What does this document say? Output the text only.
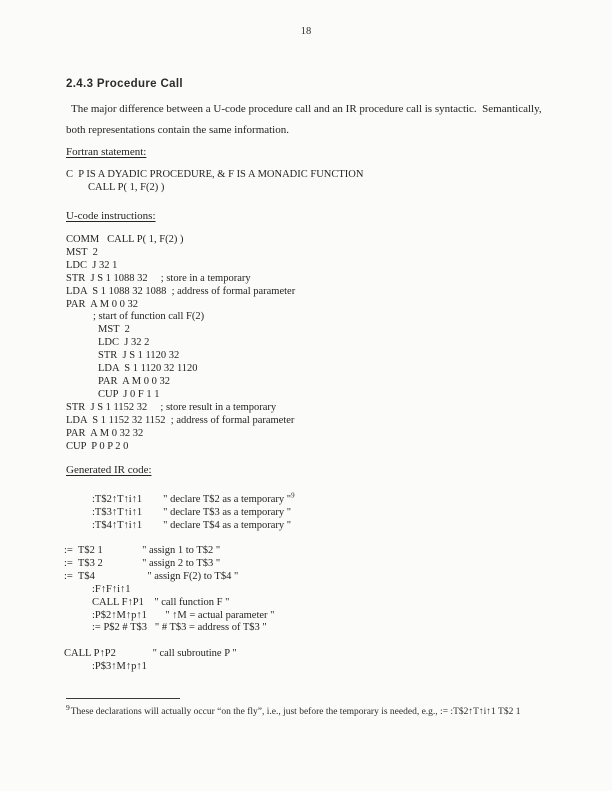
18
2.4.3 Procedure Call
The major difference between a U-code procedure call and an IR procedure call is syntactic.  Semantically,
both representations contain the same information.
Fortran statement:
C  P IS A DYADIC PROCEDURE, & F IS A MONADIC FUNCTION
CALL P( 1, F(2) )
U-code instructions:
COMM   CALL P( 1, F(2) )
MST  2
LDC  J 32 1
STR  J S 1 1088 32     ; store in a temporary
LDA  S 1 1088 32 1088  ; address of formal parameter
PAR  A M 0 0 32
; start of function call F(2)
MST  2
LDC  J 32 2
STR  J S 1 1120 32
LDA  S 1 1120 32 1120
PAR  A M 0 0 32
CUP  J 0 F 1 1
STR  J S 1 1152 32     ; store result in a temporary
LDA  S 1 1152 32 1152  ; address of formal parameter
PAR  A M 0 32 32
CUP  P 0 P 2 0
Generated IR code:
:T$2↑T↑i↑1        " declare T$2 as a temporary "$^9$
:T$3↑T↑i↑1        " declare T$3 as a temporary "
:T$4↑T↑i↑1        " declare T$4 as a temporary "
:=  T$2 1               " assign 1 to T$2 "
:=  T$3 2               " assign 2 to T$3 "
:=  T$4                    " assign F(2) to T$4 "
:F↑F↑i↑1
CALL F↑P1    " call function F "
:P$2↑M↑p↑1       " ↑M = actual parameter "
:= P$2 # T$3   " # T$3 = address of T$3 "
CALL P↑P2              " call subroutine P "
:P$3↑M↑p↑1
$^9$These declarations will actually occur “on the fly”, i.e., just before the temporary is needed, e.g., := :T$2↑T↑i↑1 T$2 1
